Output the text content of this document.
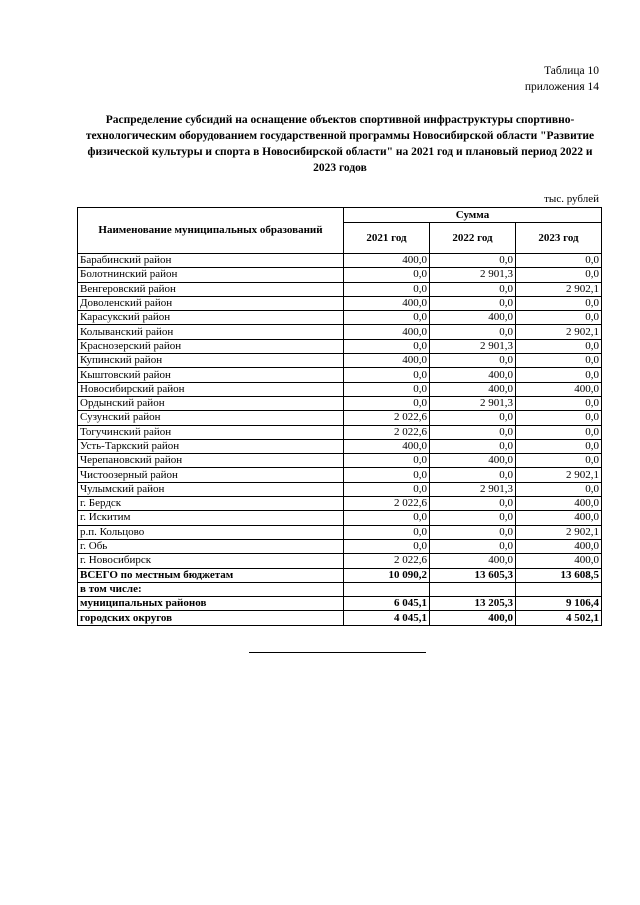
Таблица 10
приложения 14
Распределение субсидий на оснащение объектов спортивной инфраструктуры спортивно-технологическим оборудованием государственной программы Новосибирской области "Развитие физической культуры и спорта в Новосибирской области" на 2021 год и плановый период 2022 и 2023 годов
тыс. рублей
Наименование муниципальных образований	Сумма		
	2021 год	2022 год	2023 год
Барабинский район	400,0	0,0	0,0
Болотнинский район	0,0	2 901,3	0,0
Венгеровский район	0,0	0,0	2 902,1
Доволенский район	400,0	0,0	0,0
Карасукский район	0,0	400,0	0,0
Колыванский район	400,0	0,0	2 902,1
Краснозерский район	0,0	2 901,3	0,0
Купинский район	400,0	0,0	0,0
Кыштовский район	0,0	400,0	0,0
Новосибирский район	0,0	400,0	400,0
Ордынский район	0,0	2 901,3	0,0
Сузунский район	2 022,6	0,0	0,0
Тогучинский район	2 022,6	0,0	0,0
Усть-Таркский район	400,0	0,0	0,0
Черепановский район	0,0	400,0	0,0
Чистоозерный район	0,0	0,0	2 902,1
Чулымский район	0,0	2 901,3	0,0
г. Бердск	2 022,6	0,0	400,0
г. Искитим	0,0	0,0	400,0
р.п. Кольцово	0,0	0,0	2 902,1
г. Обь	0,0	0,0	400,0
г. Новосибирск	2 022,6	400,0	400,0
ВСЕГО по местным бюджетам	10 090,2	13 605,3	13 608,5
в том числе:			
муниципальных районов	6 045,1	13 205,3	9 106,4
городских округов	4 045,1	400,0	4 502,1
